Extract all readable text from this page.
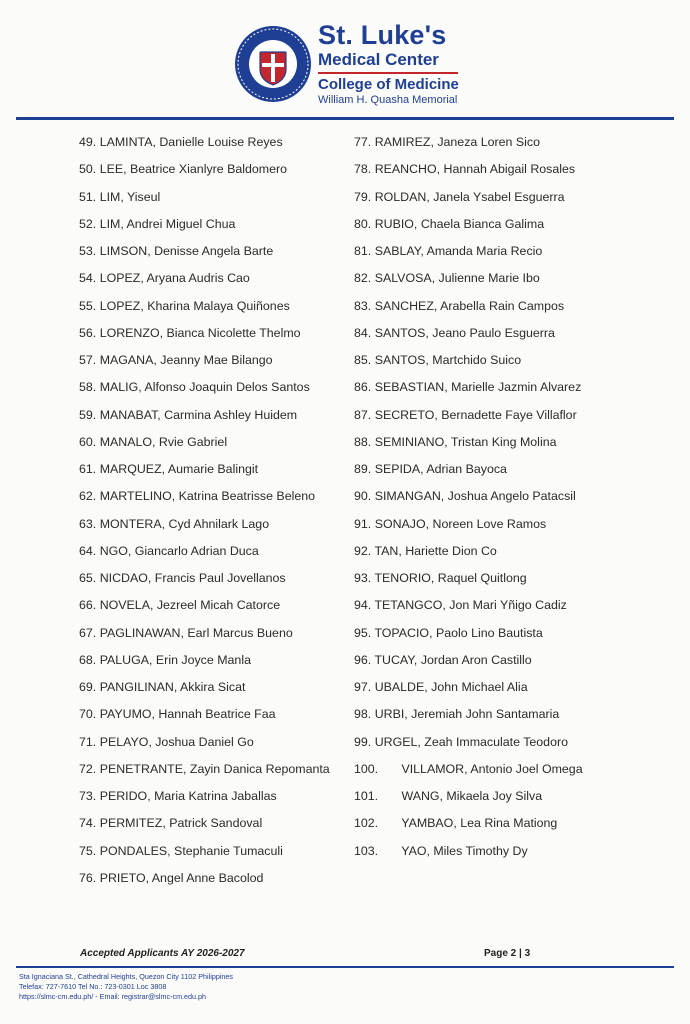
St. Luke's
Medical Center
College of Medicine
William H. Quasha Memorial
49. LAMINTA, Danielle Louise Reyes
50. LEE, Beatrice Xianlyre Baldomero
51. LIM, Yiseul
52. LIM, Andrei Miguel Chua
53. LIMSON, Denisse Angela Barte
54. LOPEZ, Aryana Audris Cao
55. LOPEZ, Kharina Malaya Quiñones
56. LORENZO, Bianca Nicolette Thelmo
57. MAGANA, Jeanny Mae Bilango
58. MALIG, Alfonso Joaquin Delos Santos
59. MANABAT, Carmina Ashley Huidem
60. MANALO, Rvie Gabriel
61. MARQUEZ, Aumarie Balingit
62. MARTELINO, Katrina Beatrisse Beleno
63. MONTERA, Cyd Ahnilark Lago
64. NGO, Giancarlo Adrian Duca
65. NICDAO, Francis Paul Jovellanos
66. NOVELA, Jezreel Micah Catorce
67. PAGLINAWAN, Earl Marcus Bueno
68. PALUGA, Erin Joyce Manla
69. PANGILINAN, Akkira Sicat
70. PAYUMO, Hannah Beatrice Faa
71. PELAYO, Joshua Daniel Go
72. PENETRANTE, Zayin Danica Repomanta
73. PERIDO, Maria Katrina Jaballas
74. PERMITEZ, Patrick Sandoval
75. PONDALES, Stephanie Tumaculi
76. PRIETO, Angel Anne Bacolod
77. RAMIREZ, Janeza Loren Sico
78. REANCHO, Hannah Abigail Rosales
79. ROLDAN, Janela Ysabel Esguerra
80. RUBIO, Chaela Bianca Galima
81. SABLAY, Amanda Maria Recio
82. SALVOSA, Julienne Marie Ibo
83. SANCHEZ, Arabella Rain Campos
84. SANTOS, Jeano Paulo Esguerra
85. SANTOS, Martchido Suico
86. SEBASTIAN, Marielle Jazmin Alvarez
87. SECRETO, Bernadette Faye Villaflor
88. SEMINIANO, Tristan King Molina
89. SEPIDA, Adrian Bayoca
90. SIMANGAN, Joshua Angelo Patacsil
91. SONAJO, Noreen Love Ramos
92. TAN, Hariette Dion Co
93. TENORIO, Raquel Quitlong
94. TETANGCO, Jon Mari Yñigo Cadiz
95. TOPACIO, Paolo Lino Bautista
96. TUCAY, Jordan Aron Castillo
97. UBALDE, John Michael Alia
98. URBI, Jeremiah John Santamaria
99. URGEL, Zeah Immaculate Teodoro
100. VILLAMOR, Antonio Joel Omega
101. WANG, Mikaela Joy Silva
102. YAMBAO, Lea Rina Mationg
103. YAO, Miles Timothy Dy
Accepted Applicants AY 2026-2027	Page 2 | 3
Sta Ignaciana St., Cathedral Heights, Quezon City 1102 Philippines
Telefax: 727-7610 Tel No.: 723-0301 Loc 3808
https://slmc-cm.edu.ph/ - Email: registrar@slmc-cm.edu.ph
